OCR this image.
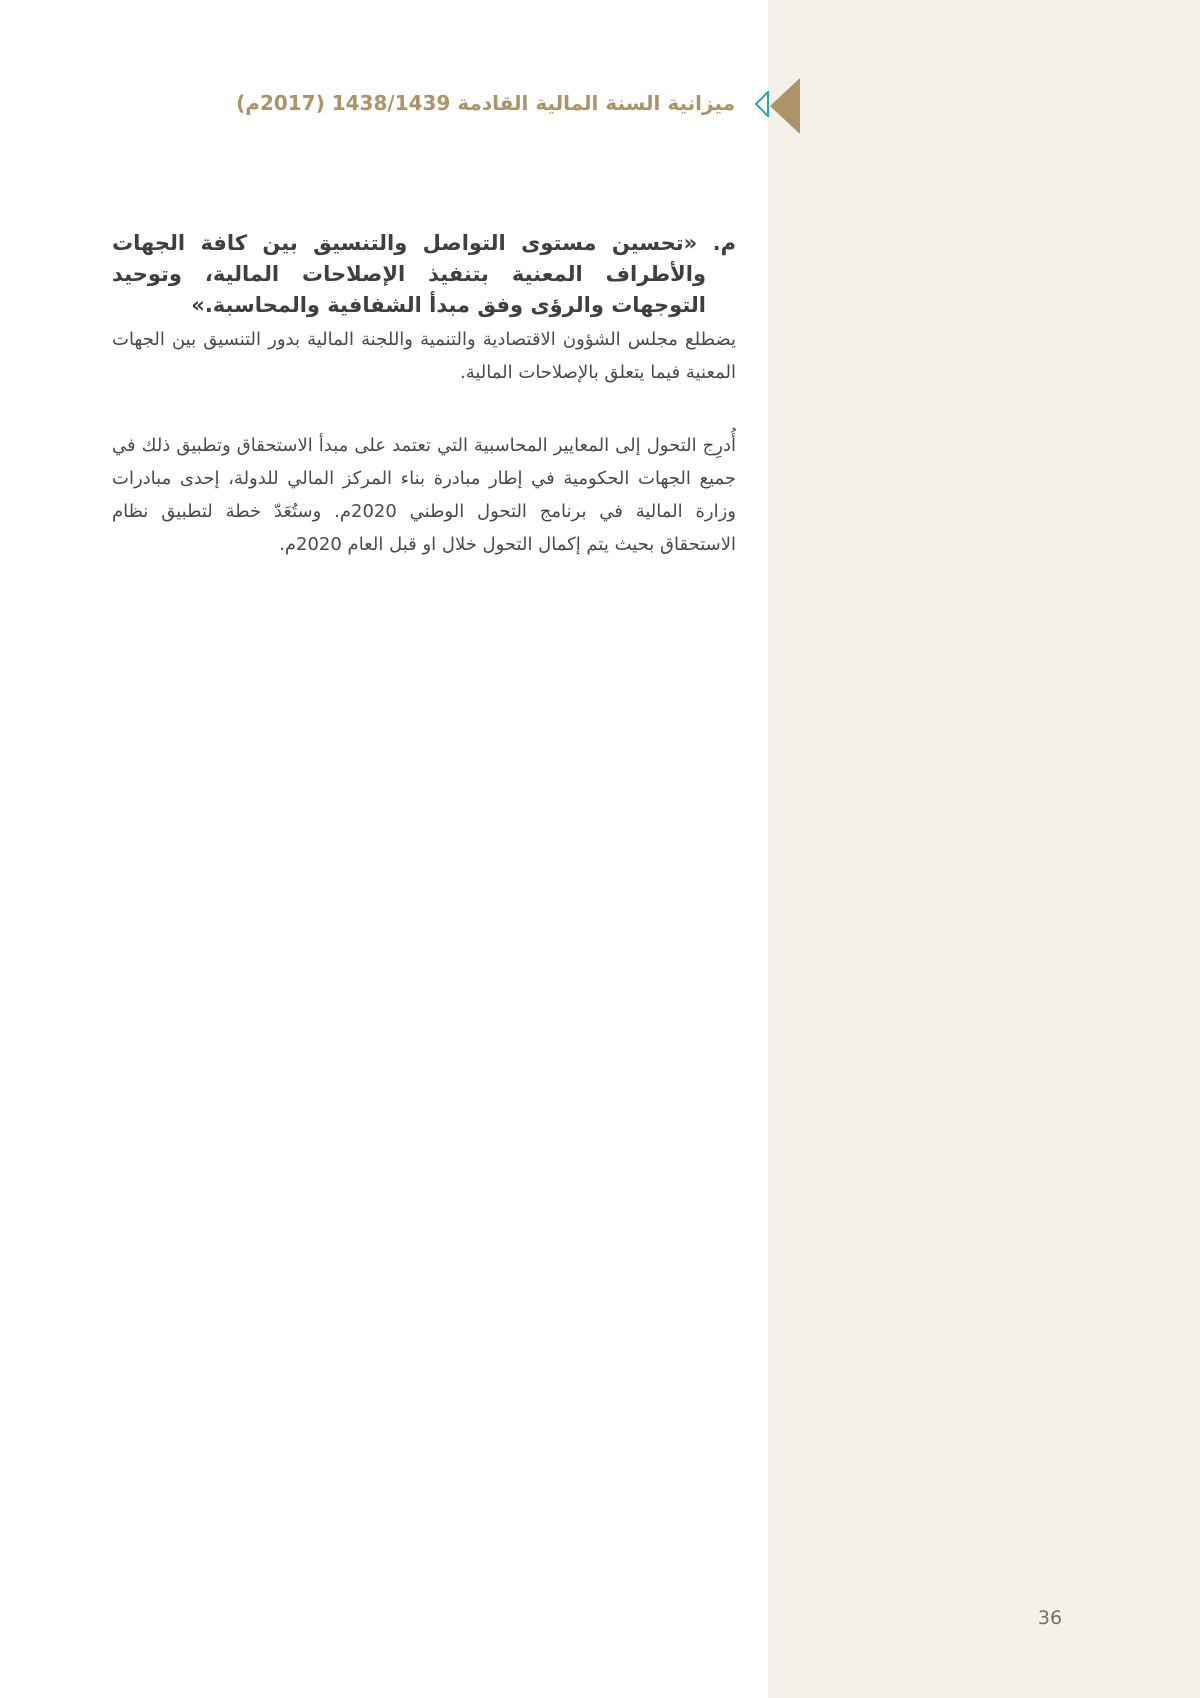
ميزانية السنة المالية القادمة 1438/1439 (2017م)

م. «تحسين مستوى التواصل والتنسيق بين كافة الجهات والأطراف المعنية بتنفيذ الإصلاحات المالية، وتوحيد التوجهات والرؤى وفق مبدأ الشفافية والمحاسبة.»

يضطلع مجلس الشؤون الاقتصادية والتنمية واللجنة المالية بدور التنسيق بين الجهات المعنية فيما يتعلق بالإصلاحات المالية.

أُدرِج التحول إلى المعايير المحاسبية التي تعتمد على مبدأ الاستحقاق وتطبيق ذلك في جميع الجهات الحكومية في إطار مبادرة بناء المركز المالي للدولة، إحدى مبادرات وزارة المالية في برنامج التحول الوطني 2020م. وستُعَدّ خطة لتطبيق نظام الاستحقاق بحيث يتم إكمال التحول خلال او قبل العام 2020م.

36
